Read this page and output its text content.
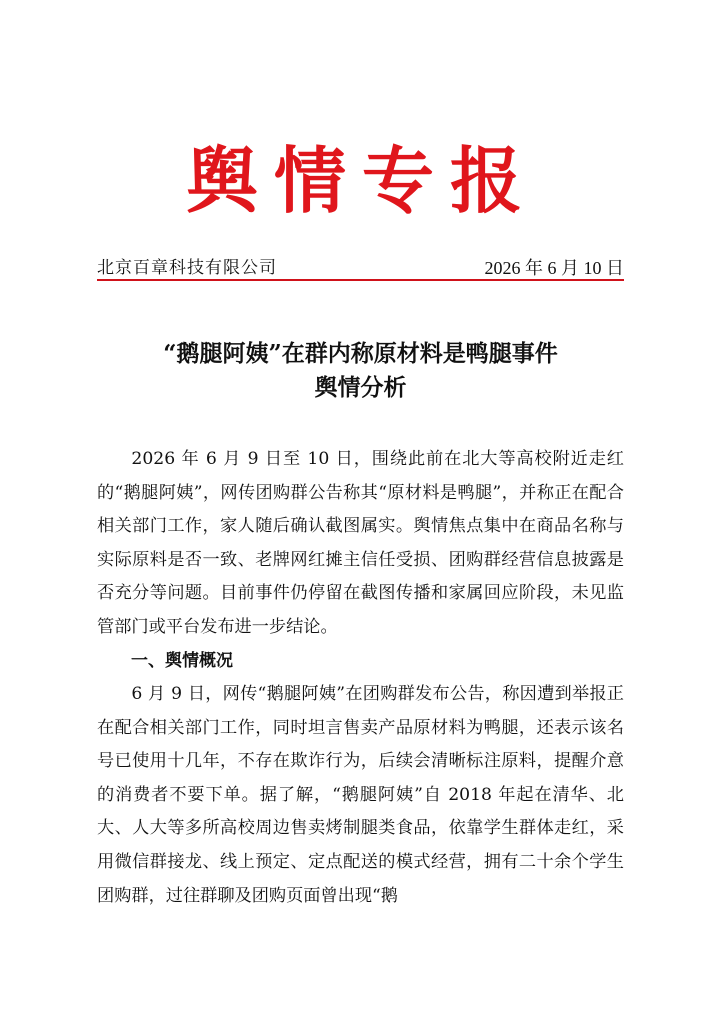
舆情专报
北京百章科技有限公司	2026 年 6 月 10 日
“鹅腿阿姨”在群内称原材料是鸭腿事件
舆情分析

2026 年 6 月 9 日至 10 日，围绕此前在北大等高校附近走红的“鹅腿阿姨”，网传团购群公告称其“原材料是鸭腿”，并称正在配合相关部门工作，家人随后确认截图属实。舆情焦点集中在商品名称与实际原料是否一致、老牌网红摊主信任受损、团购群经营信息披露是否充分等问题。目前事件仍停留在截图传播和家属回应阶段，未见监管部门或平台发布进一步结论。

一、舆情概况

6 月 9 日，网传“鹅腿阿姨”在团购群发布公告，称因遭到举报正在配合相关部门工作，同时坦言售卖产品原材料为鸭腿，还表示该名号已使用十几年，不存在欺诈行为，后续会清晰标注原料，提醒介意的消费者不要下单。据了解，“鹅腿阿姨”自 2018 年起在清华、北大、人大等多所高校周边售卖烤制腿类食品，依靠学生群体走红，采用微信群接龙、线上预定、定点配送的模式经营，拥有二十余个学生团购群，过往群聊及团购页面曾出现“鹅
